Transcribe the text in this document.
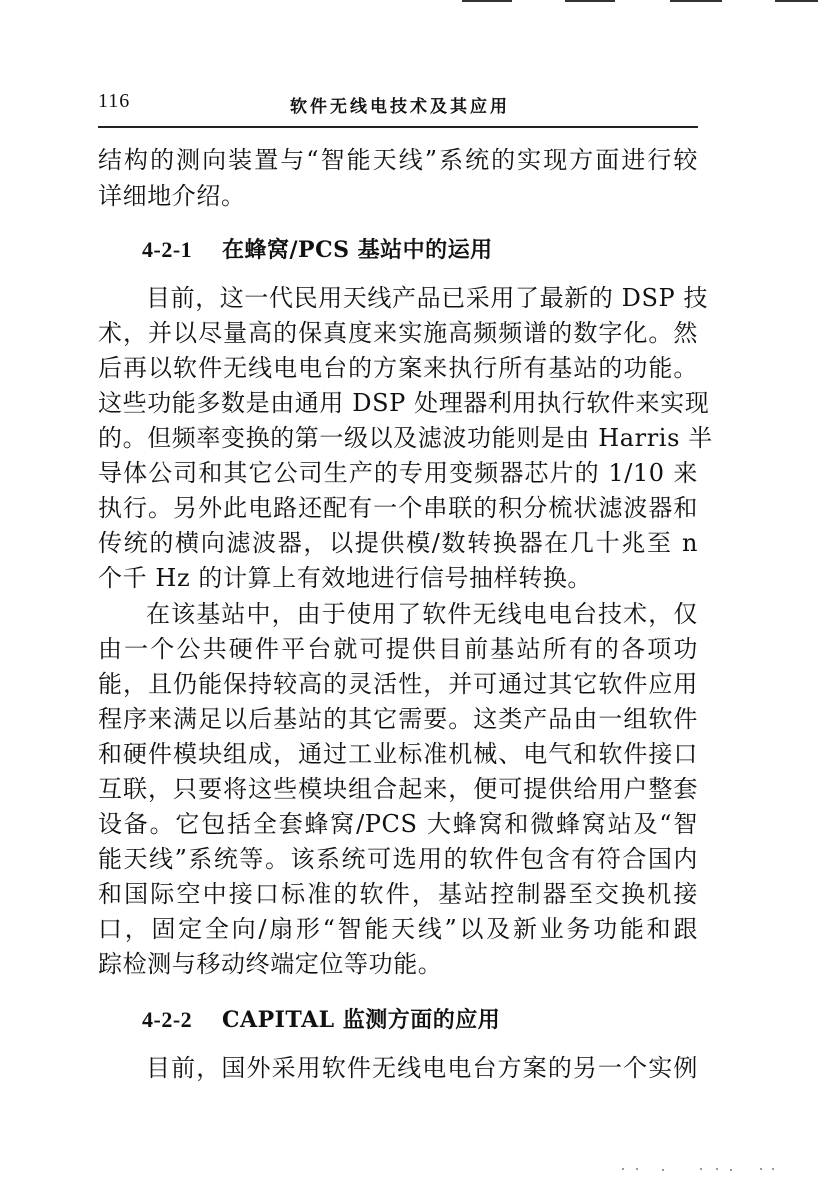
116	软件无线电技术及其应用
结构的测向装置与“智能天线”系统的实现方面进行较
详细地介绍。
4-2-1 在蜂窝/PCS 基站中的运用
目前，这一代民用天线产品已采用了最新的 DSP 技
术，并以尽量高的保真度来实施高频频谱的数字化。然
后再以软件无线电电台的方案来执行所有基站的功能。
这些功能多数是由通用 DSP 处理器利用执行软件来实现
的。但频率变换的第一级以及滤波功能则是由 Harris 半
导体公司和其它公司生产的专用变频器芯片的 1/10 来
执行。另外此电路还配有一个串联的积分梳状滤波器和
传统的横向滤波器，以提供模/数转换器在几十兆至 n
个千 Hz 的计算上有效地进行信号抽样转换。
在该基站中，由于使用了软件无线电电台技术，仅
由一个公共硬件平台就可提供目前基站所有的各项功
能，且仍能保持较高的灵活性，并可通过其它软件应用
程序来满足以后基站的其它需要。这类产品由一组软件
和硬件模块组成，通过工业标准机械、电气和软件接口
互联，只要将这些模块组合起来，便可提供给用户整套
设备。它包括全套蜂窝/PCS 大蜂窝和微蜂窝站及“智
能天线”系统等。该系统可选用的软件包含有符合国内
和国际空中接口标准的软件，基站控制器至交换机接
口，固定全向/扇形“智能天线”以及新业务功能和跟
踪检测与移动终端定位等功能。
4-2-2 CAPITAL 监测方面的应用
目前，国外采用软件无线电电台方案的另一个实例
